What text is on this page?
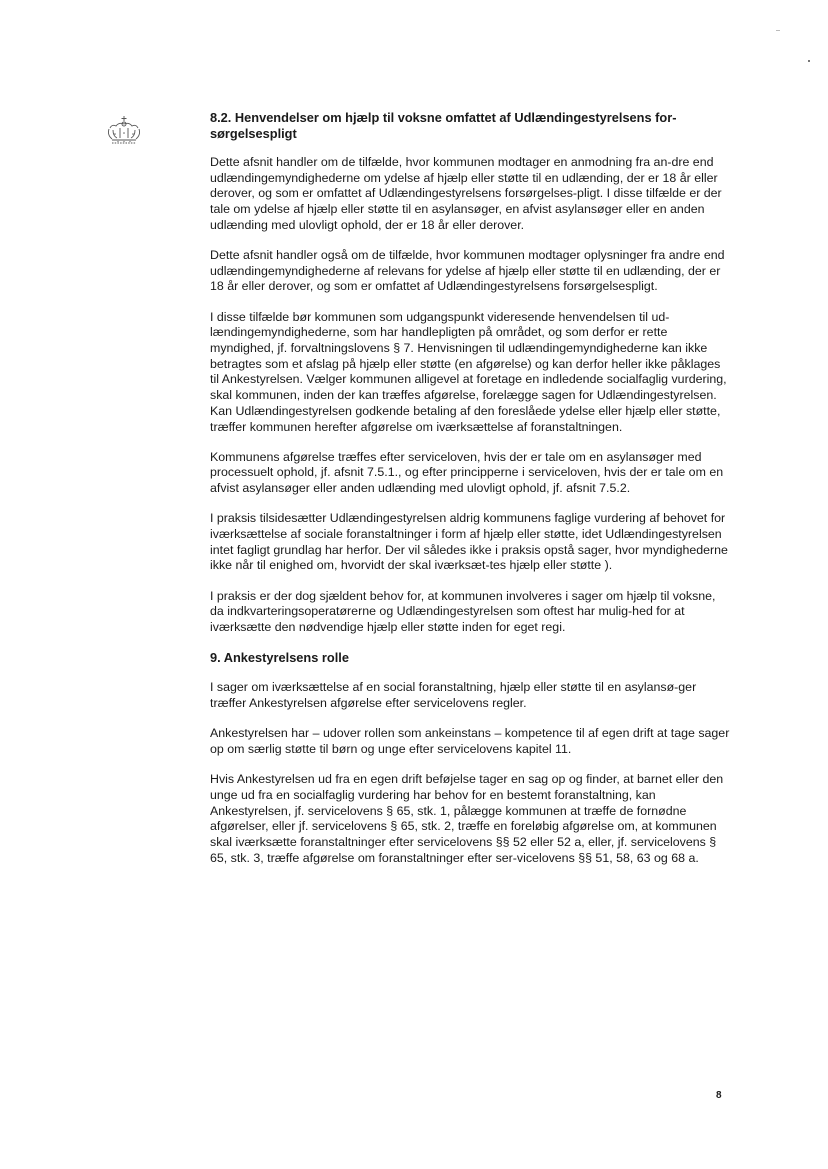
8.2. Henvendelser om hjælp til voksne omfattet af Udlændingestyrelsens for-sørgelsespligt

Dette afsnit handler om de tilfælde, hvor kommunen modtager en anmodning fra an-dre end udlændingemyndighederne om ydelse af hjælp eller støtte til en udlænding, der er 18 år eller derover, og som er omfattet af Udlændingestyrelsens forsørgelses-pligt. I disse tilfælde er der tale om ydelse af hjælp eller støtte til en asylansøger, en afvist asylansøger eller en anden udlænding med ulovligt ophold, der er 18 år eller derover.

Dette afsnit handler også om de tilfælde, hvor kommunen modtager oplysninger fra andre end udlændingemyndighederne af relevans for ydelse af hjælp eller støtte til en udlænding, der er 18 år eller derover, og som er omfattet af Udlændingestyrelsens forsørgelsespligt.

I disse tilfælde bør kommunen som udgangspunkt videresende henvendelsen til ud-lændingemyndighederne, som har handlepligten på området, og som derfor er rette myndighed, jf. forvaltningslovens § 7. Henvisningen til udlændingemyndighederne kan ikke betragtes som et afslag på hjælp eller støtte (en afgørelse) og kan derfor heller ikke påklages til Ankestyrelsen. Vælger kommunen alligevel at foretage en indledende socialfaglig vurdering, skal kommunen, inden der kan træffes afgørelse, forelægge sagen for Udlændingestyrelsen. Kan Udlændingestyrelsen godkende betaling af den foreslåede ydelse eller hjælp eller støtte, træffer kommunen herefter afgørelse om iværksættelse af foranstaltningen.

Kommunens afgørelse træffes efter serviceloven, hvis der er tale om en asylansøger med processuelt ophold, jf. afsnit 7.5.1., og efter principperne i serviceloven, hvis der er tale om en afvist asylansøger eller anden udlænding med ulovligt ophold, jf. afsnit 7.5.2.

I praksis tilsidesætter Udlændingestyrelsen aldrig kommunens faglige vurdering af behovet for iværksættelse af sociale foranstaltninger i form af hjælp eller støtte, idet Udlændingestyrelsen intet fagligt grundlag har herfor. Der vil således ikke i praksis opstå sager, hvor myndighederne ikke når til enighed om, hvorvidt der skal iværksæt-tes hjælp eller støtte ).

I praksis er der dog sjældent behov for, at kommunen involveres i sager om hjælp til voksne, da indkvarteringsoperatørerne og Udlændingestyrelsen som oftest har mulig-hed for at iværksætte den nødvendige hjælp eller støtte inden for eget regi.

9. Ankestyrelsens rolle

I sager om iværksættelse af en social foranstaltning, hjælp eller støtte til en asylansø-ger træffer Ankestyrelsen afgørelse efter servicelovens regler.

Ankestyrelsen har – udover rollen som ankeinstans – kompetence til af egen drift at tage sager op om særlig støtte til børn og unge efter servicelovens kapitel 11.

Hvis Ankestyrelsen ud fra en egen drift beføjelse tager en sag op og finder, at barnet eller den unge ud fra en socialfaglig vurdering har behov for en bestemt foranstaltning, kan Ankestyrelsen, jf. servicelovens § 65, stk. 1, pålægge kommunen at træffe de fornødne afgørelser, eller jf. servicelovens § 65, stk. 2, træffe en foreløbig afgørelse om, at kommunen skal iværksætte foranstaltninger efter servicelovens §§ 52 eller 52 a, eller, jf. servicelovens § 65, stk. 3, træffe afgørelse om foranstaltninger efter ser-vicelovens §§ 51, 58, 63 og 68 a.

8
